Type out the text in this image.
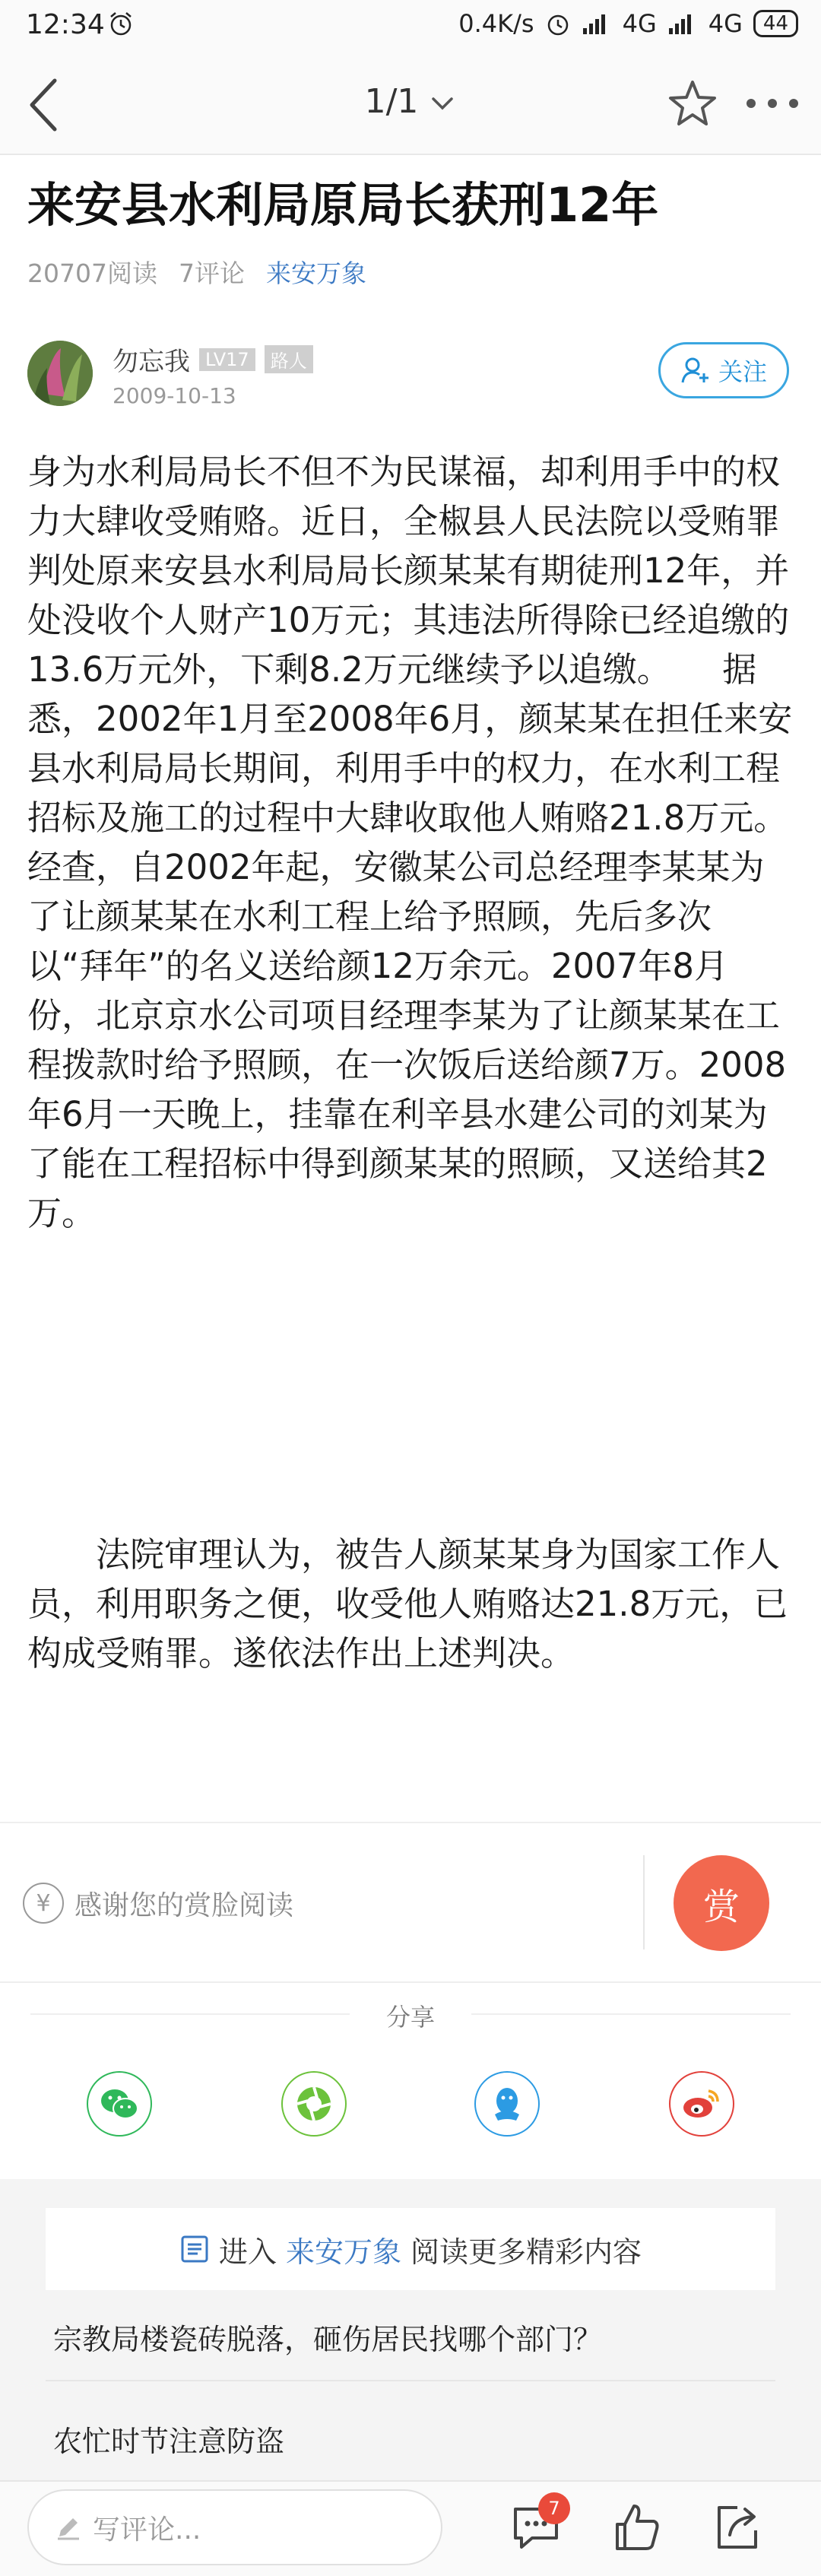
12:34	0.4K/s	4G 4G	44
1/1
来安县水利局原局长获刑12年
20707阅读 7评论 来安万象
勿忘我 LV17	路人
2009-10-13
关注
身为水利局局长不但不为民谋福，却利用手中的权力大肆收受贿赂。近日，全椒县人民法院以受贿罪判处原来安县水利局局长颜某某有期徒刑12年，并处没收个人财产10万元；其违法所得除已经追缴的13.6万元外，下剩8.2万元继续予以追缴。　　据悉，2002年1月至2008年6月，颜某某在担任来安县水利局局长期间，利用手中的权力，在水利工程招标及施工的过程中大肆收取他人贿赂21.8万元。经查，自2002年起，安徽某公司总经理李某某为了让颜某某在水利工程上给予照顾，先后多次以“拜年”的名义送给颜12万余元。2007年8月份，北京京水公司项目经理李某为了让颜某某在工程拨款时给予照顾，在一次饭后送给颜7万。2008年6月一天晚上，挂靠在利辛县水建公司的刘某为了能在工程招标中得到颜某某的照顾，又送给其2万。
　　法院审理认为，被告人颜某某身为国家工作人员，利用职务之便，收受他人贿赂达21.8万元，已构成受贿罪。遂依法作出上述判决。
¥ 感谢您的赏脸阅读	赏
分享
进入 来安万象 阅读更多精彩内容
宗教局楼瓷砖脱落，砸伤居民找哪个部门？
农忙时节注意防盗
写评论...
7
